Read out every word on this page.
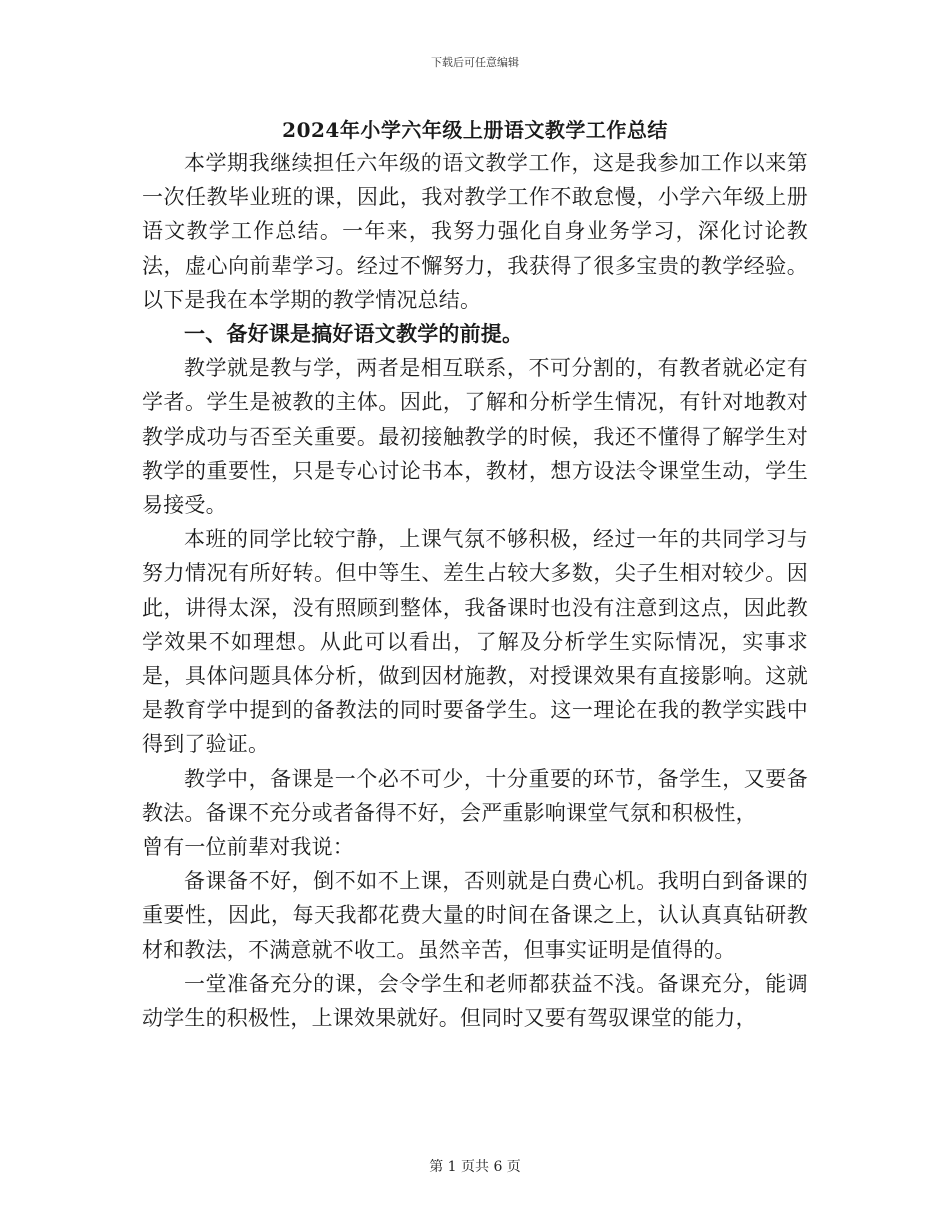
下载后可任意编辑
2024年小学六年级上册语文教学工作总结

本学期我继续担任六年级的语文教学工作，这是我参加工作以来第一次任教毕业班的课，因此，我对教学工作不敢怠慢，小学六年级上册语文教学工作总结。一年来，我努力强化自身业务学习，深化讨论教法，虚心向前辈学习。经过不懈努力，我获得了很多宝贵的教学经验。以下是我在本学期的教学情况总结。

一、备好课是搞好语文教学的前提。

教学就是教与学，两者是相互联系，不可分割的，有教者就必定有学者。学生是被教的主体。因此，了解和分析学生情况，有针对地教对教学成功与否至关重要。最初接触教学的时候，我还不懂得了解学生对教学的重要性，只是专心讨论书本，教材，想方设法令课堂生动，学生易接受。

本班的同学比较宁静，上课气氛不够积极，经过一年的共同学习与努力情况有所好转。但中等生、差生占较大多数，尖子生相对较少。因此，讲得太深，没有照顾到整体，我备课时也没有注意到这点，因此教学效果不如理想。从此可以看出，了解及分析学生实际情况，实事求是，具体问题具体分析，做到因材施教，对授课效果有直接影响。这就是教育学中提到的备教法的同时要备学生。这一理论在我的教学实践中得到了验证。

教学中，备课是一个必不可少，十分重要的环节，备学生，又要备教法。备课不充分或者备得不好，会严重影响课堂气氛和积极性，

曾有一位前辈对我说：

备课备不好，倒不如不上课，否则就是白费心机。我明白到备课的重要性，因此，每天我都花费大量的时间在备课之上，认认真真钻研教材和教法，不满意就不收工。虽然辛苦，但事实证明是值得的。

一堂准备充分的课，会令学生和老师都获益不浅。备课充分，能调动学生的积极性，上课效果就好。但同时又要有驾驭课堂的能力，

第 1 页共 6 页
